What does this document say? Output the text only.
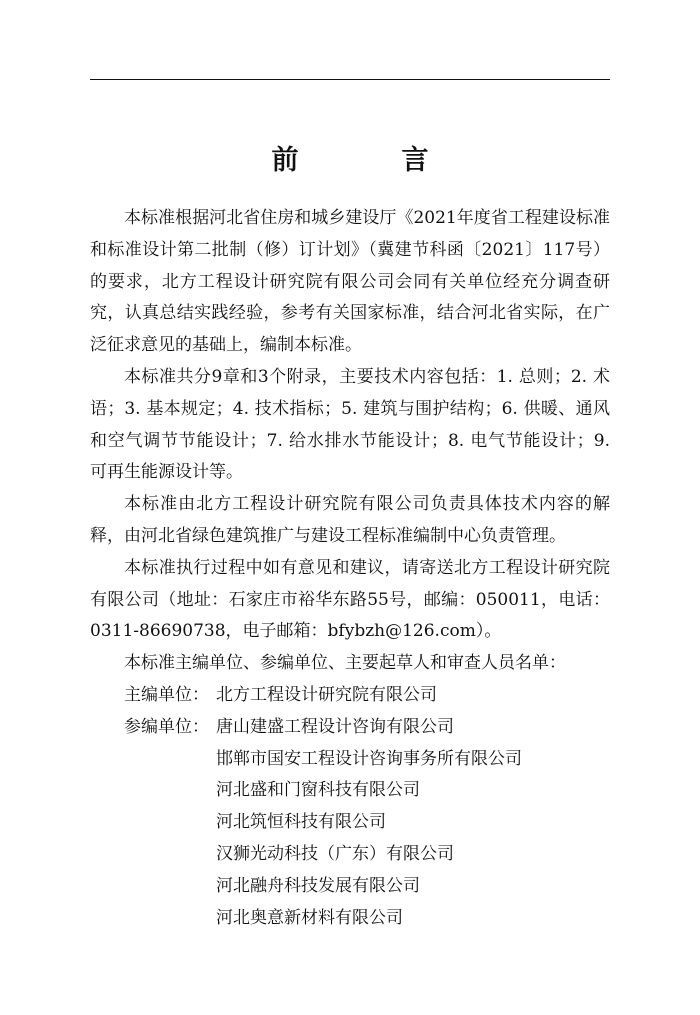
前　言

本标准根据河北省住房和城乡建设厅《2021年度省工程建设标准和标准设计第二批制（修）订计划》（冀建节科函〔2021〕117号）的要求，北方工程设计研究院有限公司会同有关单位经充分调查研究，认真总结实践经验，参考有关国家标准，结合河北省实际，在广泛征求意见的基础上，编制本标准。

本标准共分9章和3个附录，主要技术内容包括：1. 总则；2. 术语；3. 基本规定；4. 技术指标；5. 建筑与围护结构；6. 供暖、通风和空气调节节能设计；7. 给水排水节能设计；8. 电气节能设计；9. 可再生能源设计等。

本标准由北方工程设计研究院有限公司负责具体技术内容的解释，由河北省绿色建筑推广与建设工程标准编制中心负责管理。

本标准执行过程中如有意见和建议，请寄送北方工程设计研究院有限公司（地址：石家庄市裕华东路55号，邮编：050011，电话：0311-86690738，电子邮箱：bfybzh@126.com）。

本标准主编单位、参编单位、主要起草人和审查人员名单：

主编单位： 北方工程设计研究院有限公司
参编单位： 唐山建盛工程设计咨询有限公司
邯郸市国安工程设计咨询事务所有限公司
河北盛和门窗科技有限公司
河北筑恒科技有限公司
汉狮光动科技（广东）有限公司
河北融舟科技发展有限公司
河北奥意新材料有限公司
